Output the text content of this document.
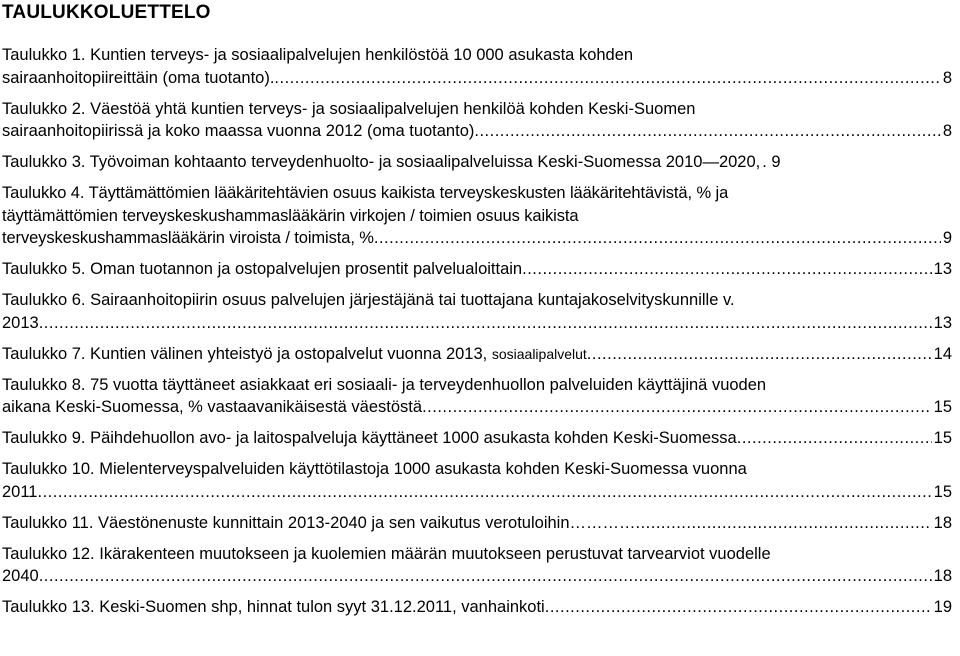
TAULUKKOLUETTELO
Taulukko 1. Kuntien terveys- ja sosiaalipalvelujen henkilöstöä 10 000 asukasta kohden
sairaanhoitopiireittäin (oma tuotanto). .....	8
Taulukko 2. Väestöä yhtä kuntien terveys- ja sosiaalipalvelujen henkilöä kohden Keski-Suomen
sairaanhoitopiirissä ja koko maassa vuonna 2012 (oma tuotanto) .....	8
Taulukko 3. Työvoiman kohtaanto terveydenhuolto- ja sosiaalipalveluissa Keski-Suomessa 2010—2020, . 9
Taulukko 4. Täyttämättömien lääkäritehtävien osuus kaikista terveyskeskusten lääkäritehtävistä, % ja
täyttämättömien terveyskeskushammaslääkärin virkojen / toimien osuus kaikista
terveyskeskushammaslääkärin viroista / toimista, % .....	9
Taulukko 5. Oman tuotannon ja ostopalvelujen prosentit palvelualoittain .....	13
Taulukko 6. Sairaanhoitopiirin osuus palvelujen järjestäjänä tai tuottajana kuntajakoselvityskunnille v.
2013 .....	13
Taulukko 7. Kuntien välinen yhteistyö ja ostopalvelut vuonna 2013, sosiaalipalvelut .....	14
Taulukko 8. 75 vuotta täyttäneet asiakkaat eri sosiaali- ja terveydenhuollon palveluiden käyttäjinä vuoden
aikana Keski-Suomessa, % vastaavanikäisestä väestöstä .....	15
Taulukko 9. Päihdehuollon avo- ja laitospalveluja käyttäneet 1000 asukasta kohden Keski-Suomessa .....	15
Taulukko 10. Mielenterveyspalveluiden käyttötilastoja 1000 asukasta kohden Keski-Suomessa vuonna
2011 .....	15
Taulukko 11. Väestönenuste kunnittain 2013-2040 ja sen vaikutus verotuloihin………… .....	18
Taulukko 12. Ikärakenteen muutokseen ja kuolemien määrän muutokseen perustuvat tarvearviot vuodelle
2040 .....	18
Taulukko 13. Keski-Suomen shp, hinnat tulon syyt 31.12.2011, vanhainkoti .....	19
